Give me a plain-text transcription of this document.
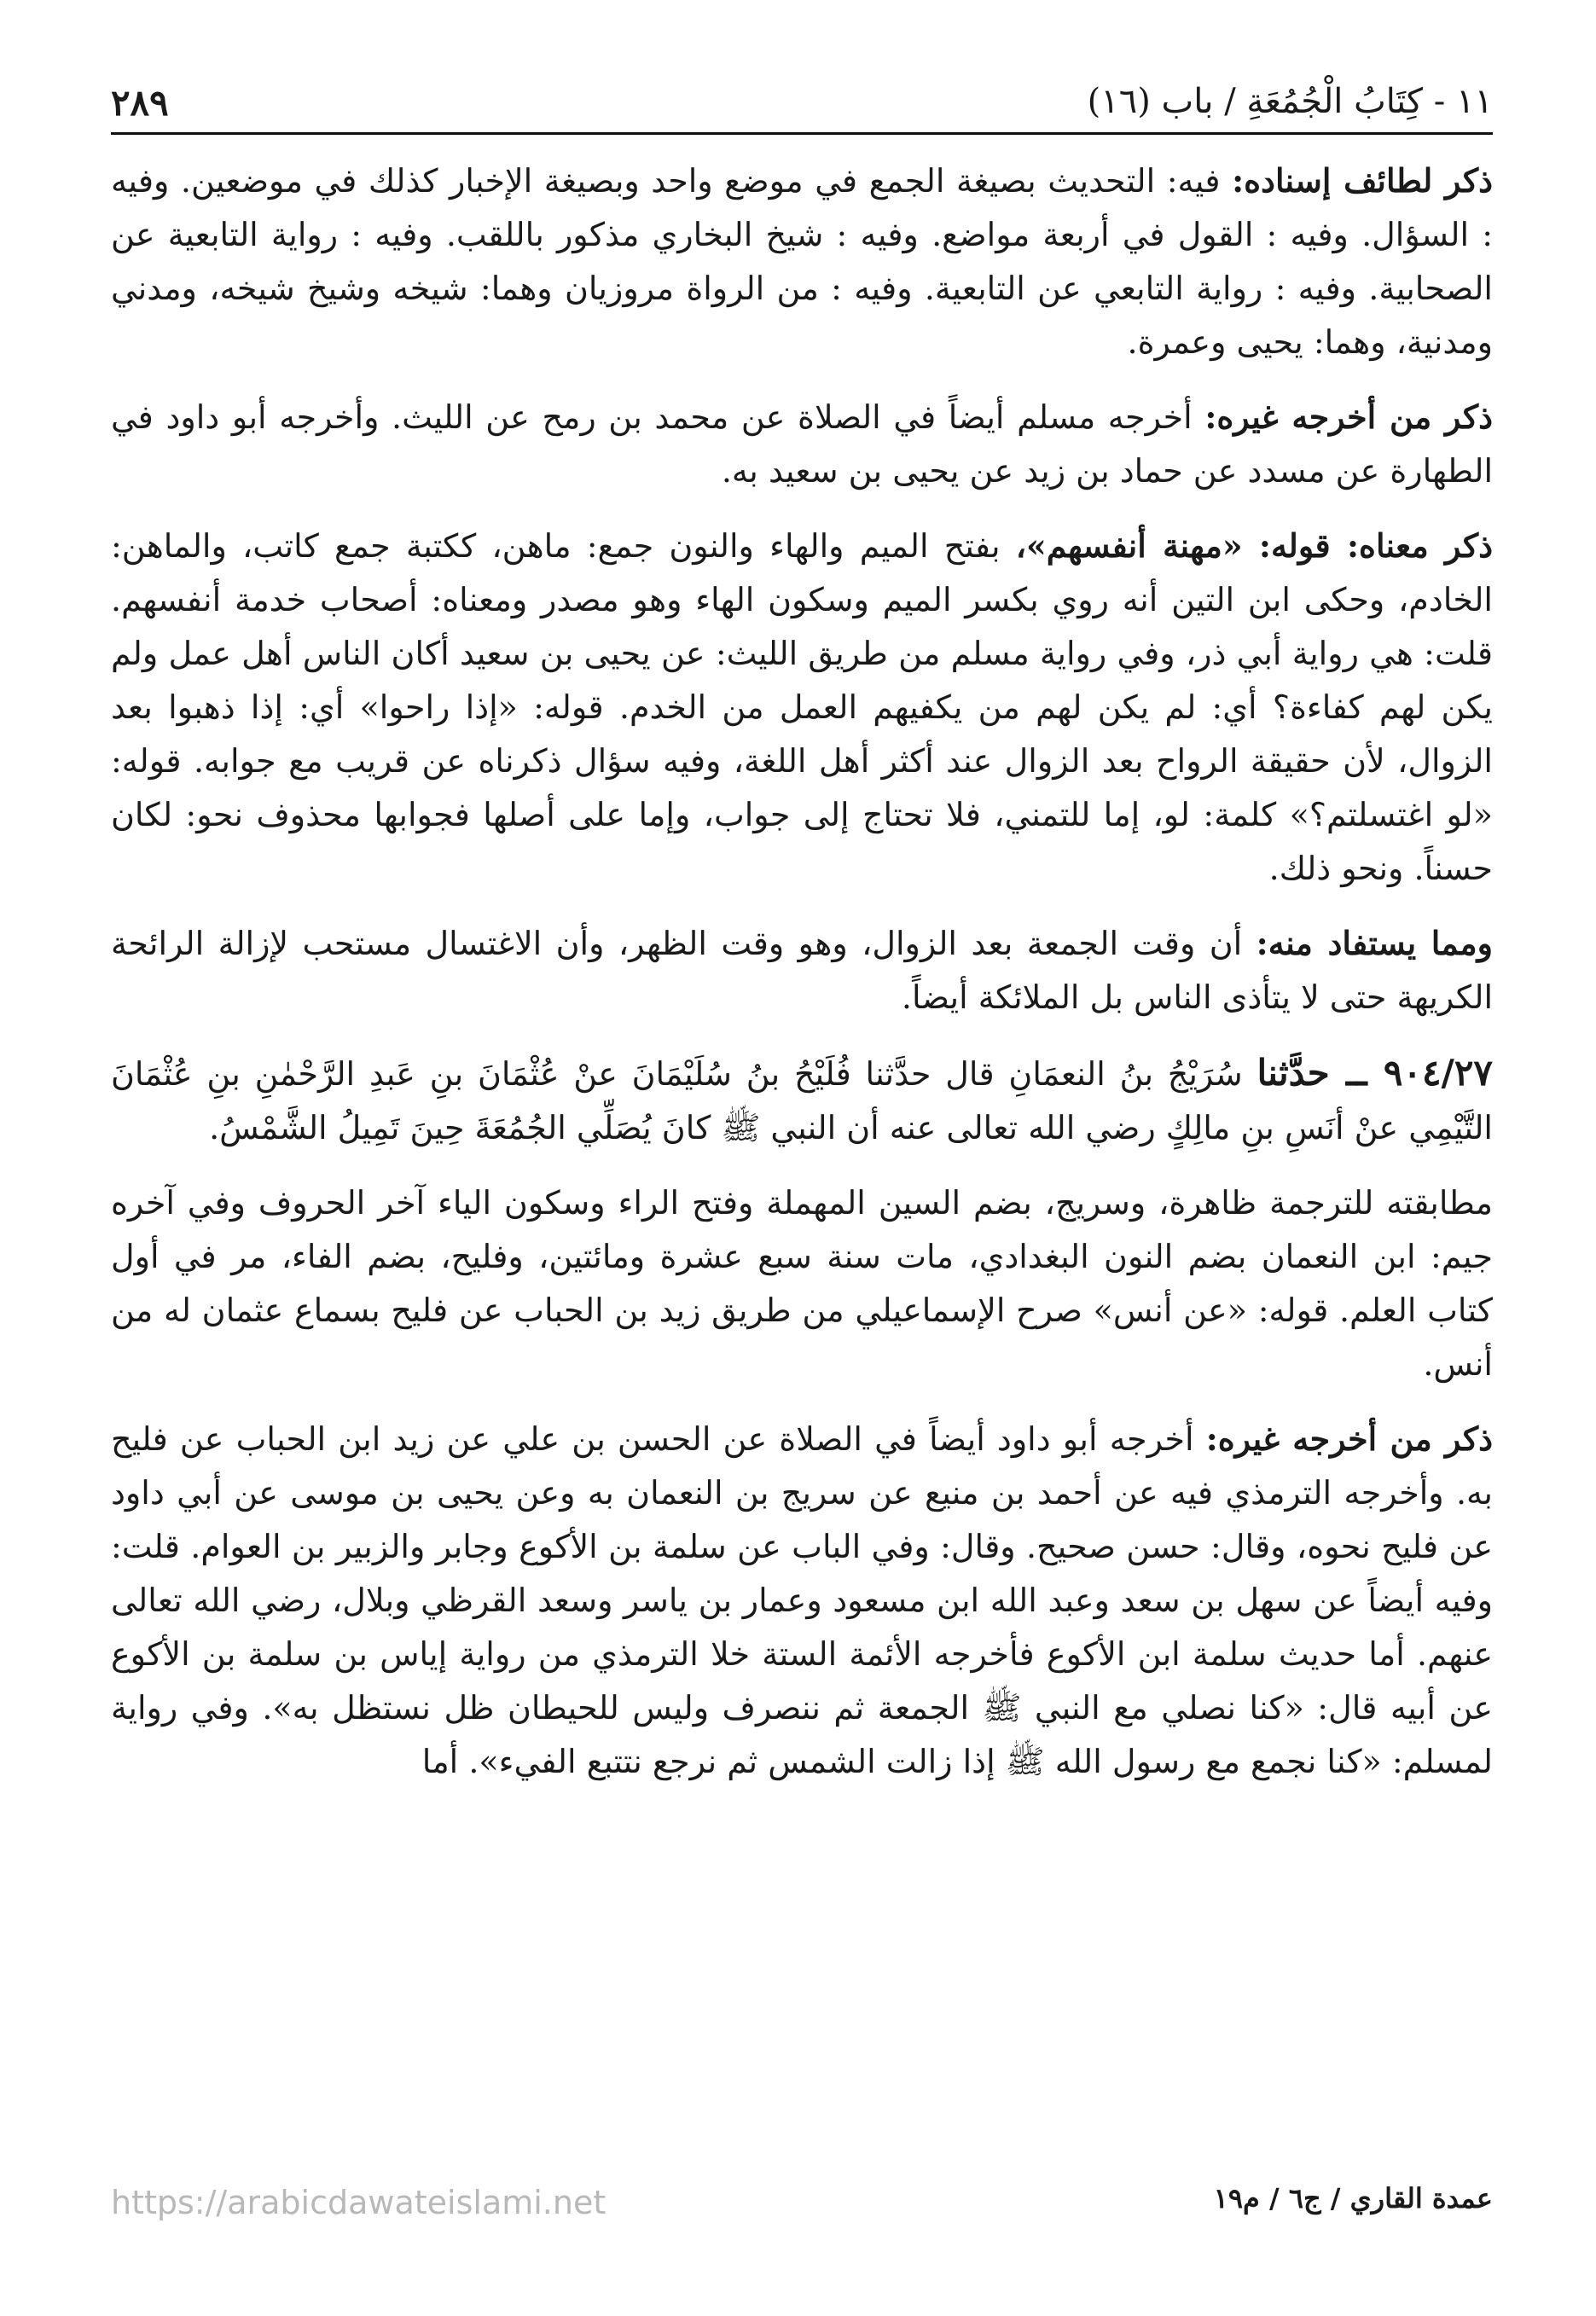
١١ - كِتَابُ الْجُمُعَةِ / باب (١٦)
٢٨٩

ذكر لطائف إسناده: فيه: التحديث بصيغة الجمع في موضع واحد وبصيغة الإخبار كذلك في موضعين. وفيه : السؤال. وفيه : القول في أربعة مواضع. وفيه : شيخ البخاري مذكور باللقب. وفيه : رواية التابعية عن الصحابية. وفيه : رواية التابعي عن التابعية. وفيه : من الرواة مروزيان وهما: شيخه وشيخ شيخه، ومدني ومدنية، وهما: يحيى وعمرة.

ذكر من أخرجه غيره: أخرجه مسلم أيضاً في الصلاة عن محمد بن رمح عن الليث. وأخرجه أبو داود في الطهارة عن مسدد عن حماد بن زيد عن يحيى بن سعيد به.

ذكر معناه: قوله: «مهنة أنفسهم»، بفتح الميم والهاء والنون جمع: ماهن، ككتبة جمع كاتب، والماهن: الخادم، وحكى ابن التين أنه روي بكسر الميم وسكون الهاء وهو مصدر ومعناه: أصحاب خدمة أنفسهم. قلت: هي رواية أبي ذر، وفي رواية مسلم من طريق الليث: عن يحيى بن سعيد أكان الناس أهل عمل ولم يكن لهم كفاءة؟ أي: لم يكن لهم من يكفيهم العمل من الخدم. قوله: «إذا راحوا» أي: إذا ذهبوا بعد الزوال، لأن حقيقة الرواح بعد الزوال عند أكثر أهل اللغة، وفيه سؤال ذكرناه عن قريب مع جوابه. قوله: «لو اغتسلتم؟» كلمة: لو، إما للتمني، فلا تحتاج إلى جواب، وإما على أصلها فجوابها محذوف نحو: لكان حسناً. ونحو ذلك.

ومما يستفاد منه: أن وقت الجمعة بعد الزوال، وهو وقت الظهر، وأن الاغتسال مستحب لإزالة الرائحة الكريهة حتى لا يتأذى الناس بل الملائكة أيضاً.

٩٠٤/٢٧ ــ حدَّثنا سُرَيْجُ بنُ النعمَانِ قال حدَّثنا فُلَيْحُ بنُ سُلَيْمَانَ عنْ عُثْمَانَ بنِ عَبدِ الرَّحْمٰنِ بنِ عُثْمَانَ التَّيْمِي عنْ أنَسِ بنِ مالِكٍ رضي الله تعالى عنه أن النبي ﷺ كانَ يُصَلِّي الجُمُعَةَ حِينَ تَمِيلُ الشَّمْسُ.

مطابقته للترجمة ظاهرة، وسريج، بضم السين المهملة وفتح الراء وسكون الياء آخر الحروف وفي آخره جيم: ابن النعمان بضم النون البغدادي، مات سنة سبع عشرة ومائتين، وفليح، بضم الفاء، مر في أول كتاب العلم. قوله: «عن أنس» صرح الإسماعيلي من طريق زيد بن الحباب عن فليح بسماع عثمان له من أنس.

ذكر من أخرجه غيره: أخرجه أبو داود أيضاً في الصلاة عن الحسن بن علي عن زيد ابن الحباب عن فليح به. وأخرجه الترمذي فيه عن أحمد بن منيع عن سريج بن النعمان به وعن يحيى بن موسى عن أبي داود عن فليح نحوه، وقال: حسن صحيح. وقال: وفي الباب عن سلمة بن الأكوع وجابر والزبير بن العوام. قلت: وفيه أيضاً عن سهل بن سعد وعبد الله ابن مسعود وعمار بن ياسر وسعد القرظي وبلال، رضي الله تعالى عنهم. أما حديث سلمة ابن الأكوع فأخرجه الأئمة الستة خلا الترمذي من رواية إياس بن سلمة بن الأكوع عن أبيه قال: «كنا نصلي مع النبي ﷺ الجمعة ثم ننصرف وليس للحيطان ظل نستظل به». وفي رواية لمسلم: «كنا نجمع مع رسول الله ﷺ إذا زالت الشمس ثم نرجع نتتبع الفيء». أما

عمدة القاري / ج٦ / م١٩
https://arabicdawateislami.net
